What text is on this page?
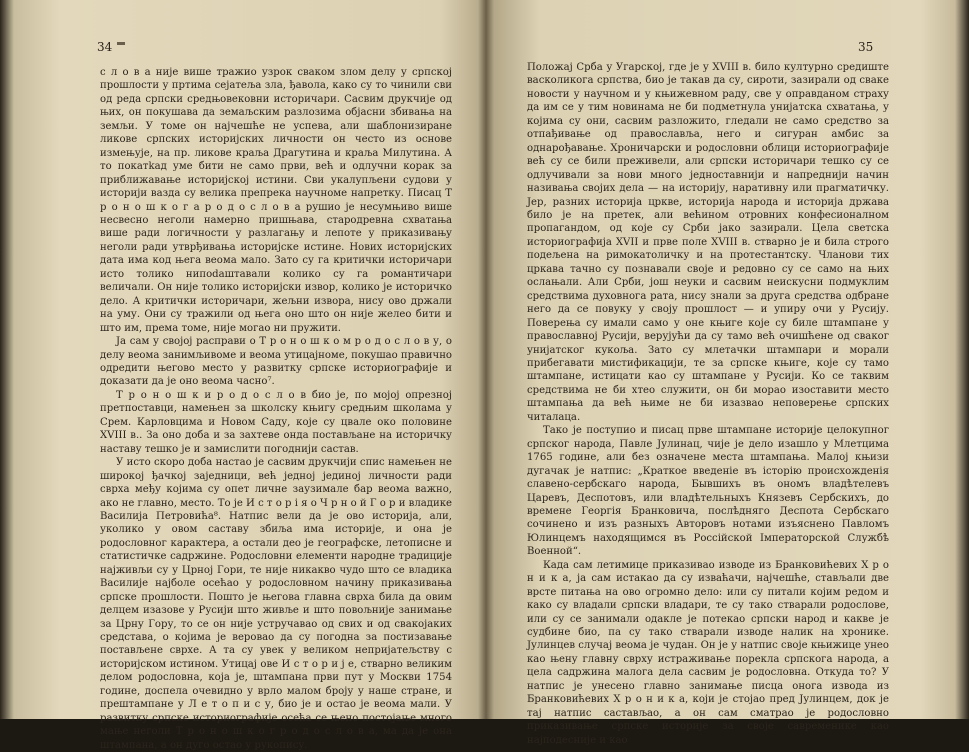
34

с л о в а није више тражио узрок сваком злом делу у српској прошлости у пртима сејатеља зла, ђавола, како су то чинили сви од реда српски средњовековни историчари. Сасвим друкчије од њих, он покушава да земаљским разлозима објасни збивања на земљи. У томе он најчешће не успева, али шаблонизиране ликове српских историјских личности он често из основе измењује, на пр. ликове краља Драгутина и краља Милутина. А то покатkад уме бити не само први, већ и одлучни корак за приближавање историјској истини. Сви укалупљени судови у историји вазда су велика препрека научноме напретку. Писац Т р о н о ш к о г а р о д о с л о в а рушио је несумњиво више несвесно неголи намерно пришњава, стародревна схватања више ради логичности у разлагању и лепоте у приказивању неголи ради утврђивања историјске истине. Нових историјских дата има код њега веома мало. Зато су га критички историчари исто толико нипodaштавали колико су га романтичари величали. Он није толико историјски извор, колико је историчко дело. А критички историчари, жељни извора, нису ово држали на уму. Они су тражили од њега оно што он није желео бити и што им, према томе, није могао ни пружити.

Ја сам у својој расправи о Т р о н о ш к о м р о д о с л о в у, о делу веома занимљивоме и веома утицајноме, покушао правично одредити његово место у развитку српске историографије и доказати да је оно веома часно⁷.

Т р о н о ш к и р о д о с л о в био је, по мојој опрезној претпоставци, намењен за школску књигу средњим школама у Срем. Карловцима и Новом Саду, које су цвале око половине XVIII в.. За оно доба и за захтеве онда постављане на историчку наставу тешко је и замислити погоднији састав.

У исто скоро доба настао је сасвим друкчији спис намењен не широкој ђачкој заједници, већ једној јединој личности ради сврха међу којима су опет личне заузимале бар веома важно, ако не главно, место. То је И с т о р і я о Ч р н о й Г о р и владике Василија Петровића⁸. Натпис вели да је ово историја, али, уколико у овом саставу збиља има историје, и она је родословног карактера, а остали део је географске, летописне и статистичке садржине. Родословни елементи народне традиције најживљи су у Црној Гори, те није никакво чудо што се владика Василије најболе осећао у родословном начину приказивања српске прошлости. Поштo је његова главна сврха била да овим делцем изазове у Русији што живље и што повољније занимање за Црну Гору, то се он није устручавао од свих и од свакојаких средстава, о којима је веровао да су погодна за постизавање постављене сврхе. А та су увек у великом непријатељству с историјском истином. Утицај ове И с т о р и ј е, стварно великим делом родословна, која је, штампана први пут у Москви 1754 године, доспела очевидно у врло малом броју у наше стране, и прештампане у Л е т о п и с у, био је и остао је веома мали. У развитку српске историографије осећа се њено постојање много мање неголи Т р о н о ш к о г р о д о с л о в а, ма да је она штампана, а он дуго остао у рукопису.

35

Положај Срба у Угарској, где је у XVIII в. било културно средиште васколикога српства, био је такав да су, сироти, зазирали од сваке новости у научном и у књижевном раду, све у оправданом страху да им се у тим новинама не би подметнула унијатска схватања, у којима су они, сасвим разложито, гледали не само средство за отпађивање од православља, него и сигуран амбис за однарођавање. Хроничарски и родословни облици историографије већ су се били преживели, али српски историчари тешко су се одлучивали за нови много једноставнији и напреднији начин називања својих дела — на историју, наративну или прагматичку. Јер, разних историја цркве, историја народа и историја држава било је на претек, али већином отровних конфесионалном пропагандом, од које су Срби јако зазирали. Цела светска историографија XVII и прве поле XVIII в. стварно је и била строго подељена на римокатоличку и на протестантску. Чланови тих цркава тачно су познавали своје и редовно су се само на њих ослањали. Али Срби, још неуки и сасвим неискусни подмуклим средствима духовнога рата, нису знали за друга средства одбране него да се повуку у своју прошлост — и упиру очи у Русију. Поверења су имали само у оне књиге које су биле штампане у православној Русији, верујући да су тамо већ очишћене од сваког унијатског кукоља. Зато су млетачки штампари и морали прибегавати мистификацији, те за српске књиге, које су тамо штампане, истицати као су штампане у Русији. Ко се таквим средствима не би хтео служити, он би морао изоставити место штампања да већ њиме не би изазвао неповерење српских читалаца.

Тако је поступио и писац прве штампане историје целокупног српског народа, Павле Јулинац, чије је дело изашло у Млетцима 1765 године, али без означене места штампања. Малој књизи дугачак је натпис: „Краткое введеніе въ історію происхожденія славено-сербскаго народа, Бывшихъ въ ономъ владѣтелевъ Царевъ, Деспотовъ, или владѣтельныхъ Князевъ Сербскихъ, до времене Георгія Бранковича, послѣдняго Деспота Сербскаго сочинено и изъ разныхъ Авторовъ нотами изъяснено Павломъ Юлинцемъ находящимся въ Россійской Імператорской Службѣ Военной“.

Када сам летимице приказивао изводе из Бранковићевих Х р о н и к а, ја сам истакао да су изваћачи, најчешће, стављали две врсте питања на ово огромно дело: или су питали којим редом и како су владали српски владари, те су тако стварали родослове, или су се занимали одакле је потекао српски народ и какве је судбине био, па су тако стварали изводе налик на хронике. Јулинцев случај веома је чудан. Он је у натпис своје књижице унео као њену главну сврху истраживање порекла српскога народа, а цела садржина малога дела сасвим је родословна. Откуда то? У натпис је унесено главно занимање писца онога извода из Бранковићевих Х р о н и к а, који је стојао пред Јулинцем, док је тај натпис састављао, а он сам сматрао је родословно приказивање српске историје за своје савременике као најподесније и као
